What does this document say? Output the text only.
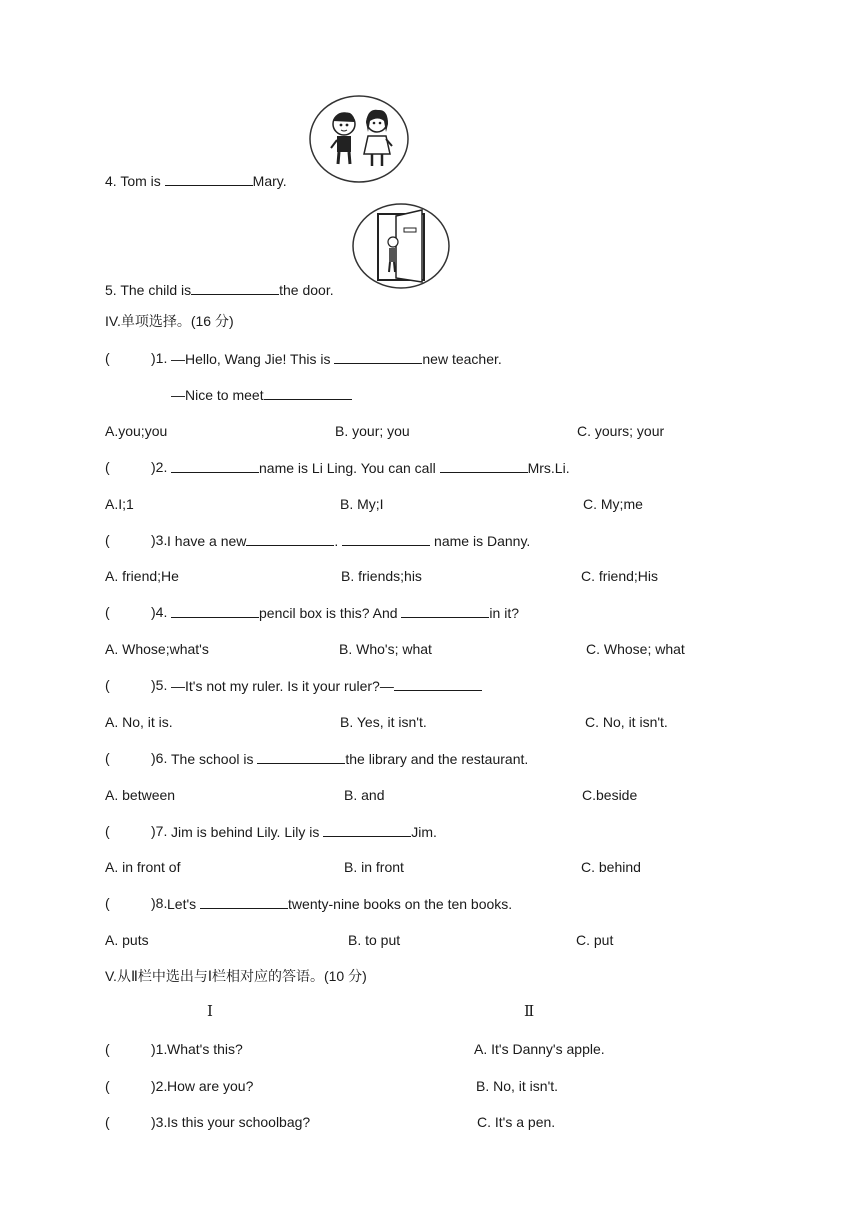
4. Tom is	Mary.
5. The child is	the door.
IV.单项选择。(16 分)
(	)1. —Hello, Wang Jie! This is	new teacher.
—Nice to meet
A.you;you	B. your; you	C. yours; your
(	)2.	name is Li Ling. You can call	Mrs.Li.
A.I;1	B. My;I	C. My;me
(	)3. I have a new	.	name is Danny.
A. friend;He	B. friends;his	C. friend;His
(	)4.	pencil box is this? And	in it?
A. Whose;what's	B. Who's; what	C. Whose; what
(	)5. —It's not my ruler. Is it your ruler?—
A. No, it is.	B. Yes, it isn't.	C. No, it isn't.
(	)6. The school is	the library and the restaurant.
A. between	B. and	C.beside
(	)7. Jim is behind Lily. Lily is	Jim.
A. in front of	B. in front	C. behind
(	)8. Let's	twenty-nine books on the ten books.
A. puts	B. to put	C. put
V.从Ⅱ栏中选出与Ⅰ栏相对应的答语。(10 分)
Ⅰ	Ⅱ
(	)1. What's this?	A. It's Danny's apple.
(	)2. How are you?	B. No, it isn't.
(	)3. Is this your schoolbag?	C. It's a pen.
